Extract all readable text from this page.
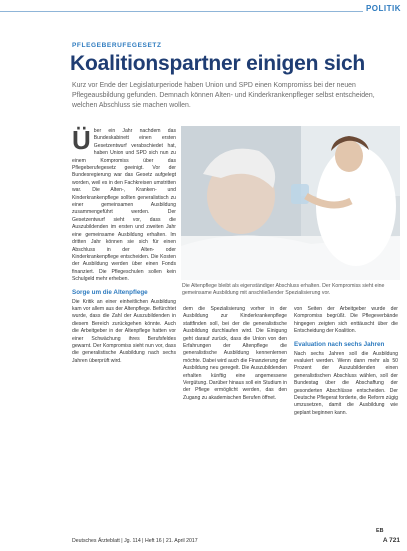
POLITIK
PFLEGEBERUFEGESETZ
Koalitionspartner einigen sich
Kurz vor Ende der Legislaturperiode haben Union und SPD einen Kompromiss bei der neuen Pflegeausbildung gefunden. Demnach können Alten- und Kinderkrankenpfleger selbst entscheiden, welchen Abschluss sie machen wollen.
Ü ber ein Jahr nachdem das Bundeskabinett einen ersten Gesetzentwurf verabschiedet hat, haben Union und SPD sich nun zu einem Kompromiss über das Pflegeberufegesetz geeinigt. Vor der Bundesregierung war das Gesetz aufgelegt worden, weil es in den Fachkreisen umstritten war. Die Alten-, Kranken- und Kinderkrankenpflege sollten generalistisch zu einer gemeinsamen Ausbildung zusammengeführt werden. Der Gesetzentwurf sieht vor, dass die Auszubildenden im ersten und zweiten Jahr eine gemeinsame Ausbildung erhalten. Im dritten Jahr können sie sich für einen Abschluss in der Alten- oder Kinderkrankenpflege entscheiden. Die Kosten der Ausbildung werden über einen Fonds finanziert. Die Pflegeschulen sollen kein Schulgeld mehr erheben.

Sorge um die Altenpflege

Die Kritik an einer einheitlichen Ausbildung kam vor allem aus der Altenpflege. Befürchtet wurde, dass die Zahl der Auszubildenden in diesem Bereich zurückgehen könnte. Auch die Arbeitgeber in der Altenpflege hatten vor einer Schwächung ihres Berufsfeldes gewarnt. Der Kompromiss sieht nun vor, dass die generalistische Ausbildung nach sechs Jahren überprüft wird.

Die Altenpflege bleibt als eigenständiger Abschluss erhalten. Der Kompromiss sieht eine gemeinsame Ausbildung mit anschließender Spezialisierung vor.

dem die Spezialisierung vorher in der Ausbildung zur Kinderkrankenpflege stattfinden soll, bei der die generalistische Ausbildung durchlaufen wird. Die Einigung geht darauf zurück, dass die Union von den Erfahrungen der Altenpflege die generalistische Ausbildung kennenlernen möchte. Dabei wird auch die Finanzierung der Ausbildung neu geregelt. Die Auszubildenden erhalten künftig eine angemessene Vergütung. Darüber hinaus soll ein Studium in der Pflege ermöglicht werden, das den Zugang zu akademischen Berufen öffnet.

von Seiten der Arbeitgeber wurde der Kompromiss begrüßt. Die Pflegeverbände hingegen zeigten sich enttäuscht über die Entscheidung der Koalition.

Evaluation nach sechs Jahren

Nach sechs Jahren soll die Ausbildung evaluiert werden. Wenn dann mehr als 50 Prozent der Auszubildenden einen generalistischen Abschluss wählen, soll der Bundestag über die Abschaffung der gesonderten Abschlüsse entscheiden. Der Deutsche Pflegerat forderte, die Reform zügig umzusetzen, damit die Ausbildung wie geplant beginnen kann.

EB
Deutsches Ärzteblatt | Jg. 114 | Heft 16 | 21. April 2017	A 721
